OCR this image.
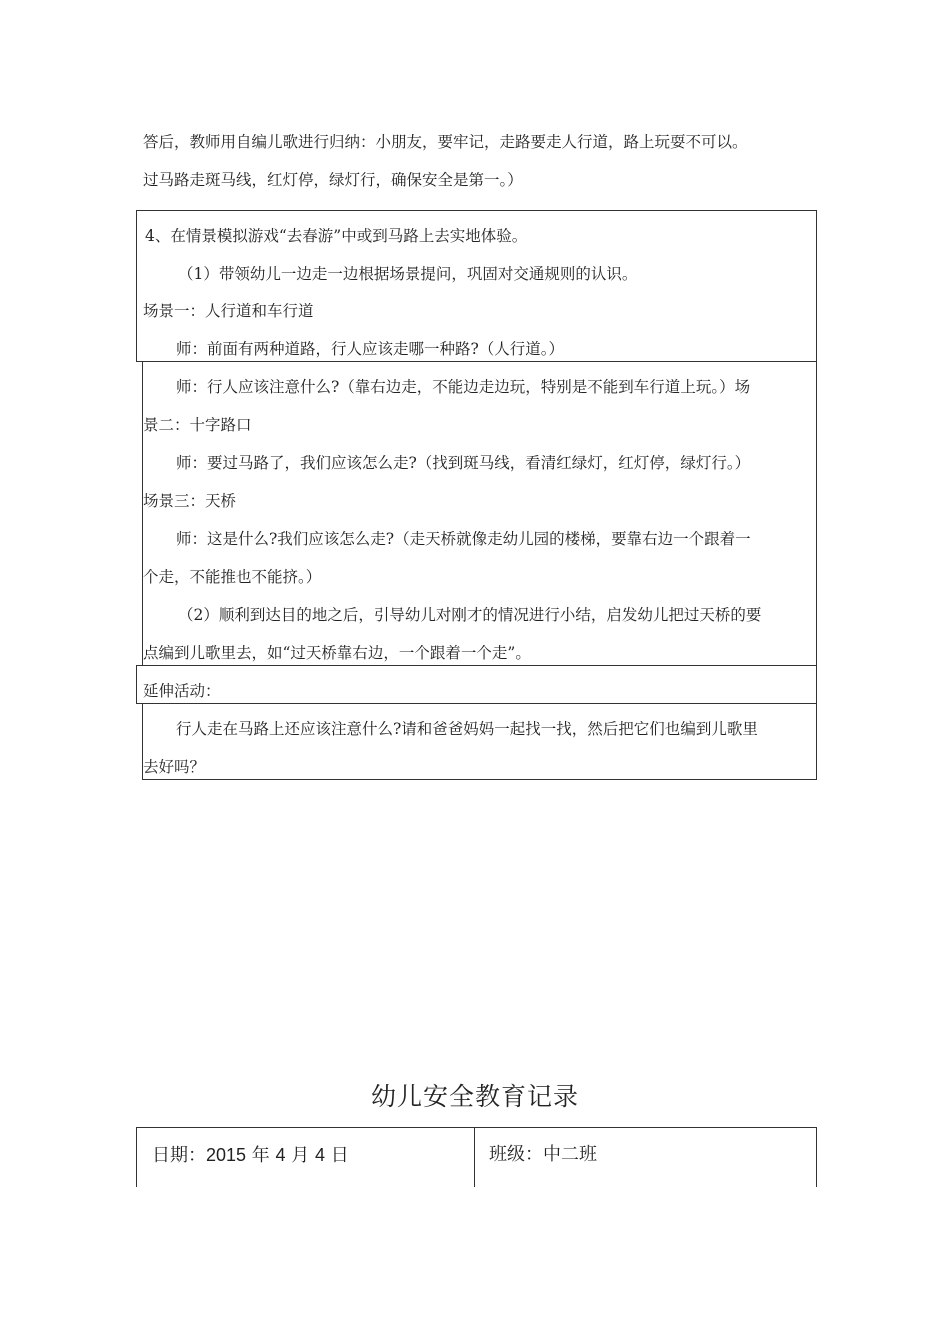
答后，教师用自编儿歌进行归纳：小朋友，要牢记，走路要走人行道，路上玩耍不可以。
过马路走斑马线，红灯停，绿灯行，确保安全是第一。）
4、在情景模拟游戏“去春游”中或到马路上去实地体验。
（1）带领幼儿一边走一边根据场景提问，巩固对交通规则的认识。
场景一：人行道和车行道
师：前面有两种道路，行人应该走哪一种路?（人行道。）
师：行人应该注意什么?（靠右边走，不能边走边玩，特别是不能到车行道上玩。）场
景二：十字路口
师：要过马路了，我们应该怎么走?（找到斑马线，看清红绿灯，红灯停，绿灯行。）
场景三：天桥
师：这是什么?我们应该怎么走?（走天桥就像走幼儿园的楼梯，要靠右边一个跟着一
个走，不能推也不能挤。）
（2）顺利到达目的地之后，引导幼儿对刚才的情况进行小结，启发幼儿把过天桥的要
点编到儿歌里去，如“过天桥靠右边，一个跟着一个走”。
延伸活动：
行人走在马路上还应该注意什么?请和爸爸妈妈一起找一找，然后把它们也编到儿歌里
去好吗？
幼儿安全教育记录
日期：2015 年 4 月 4 日	班级：中二班
